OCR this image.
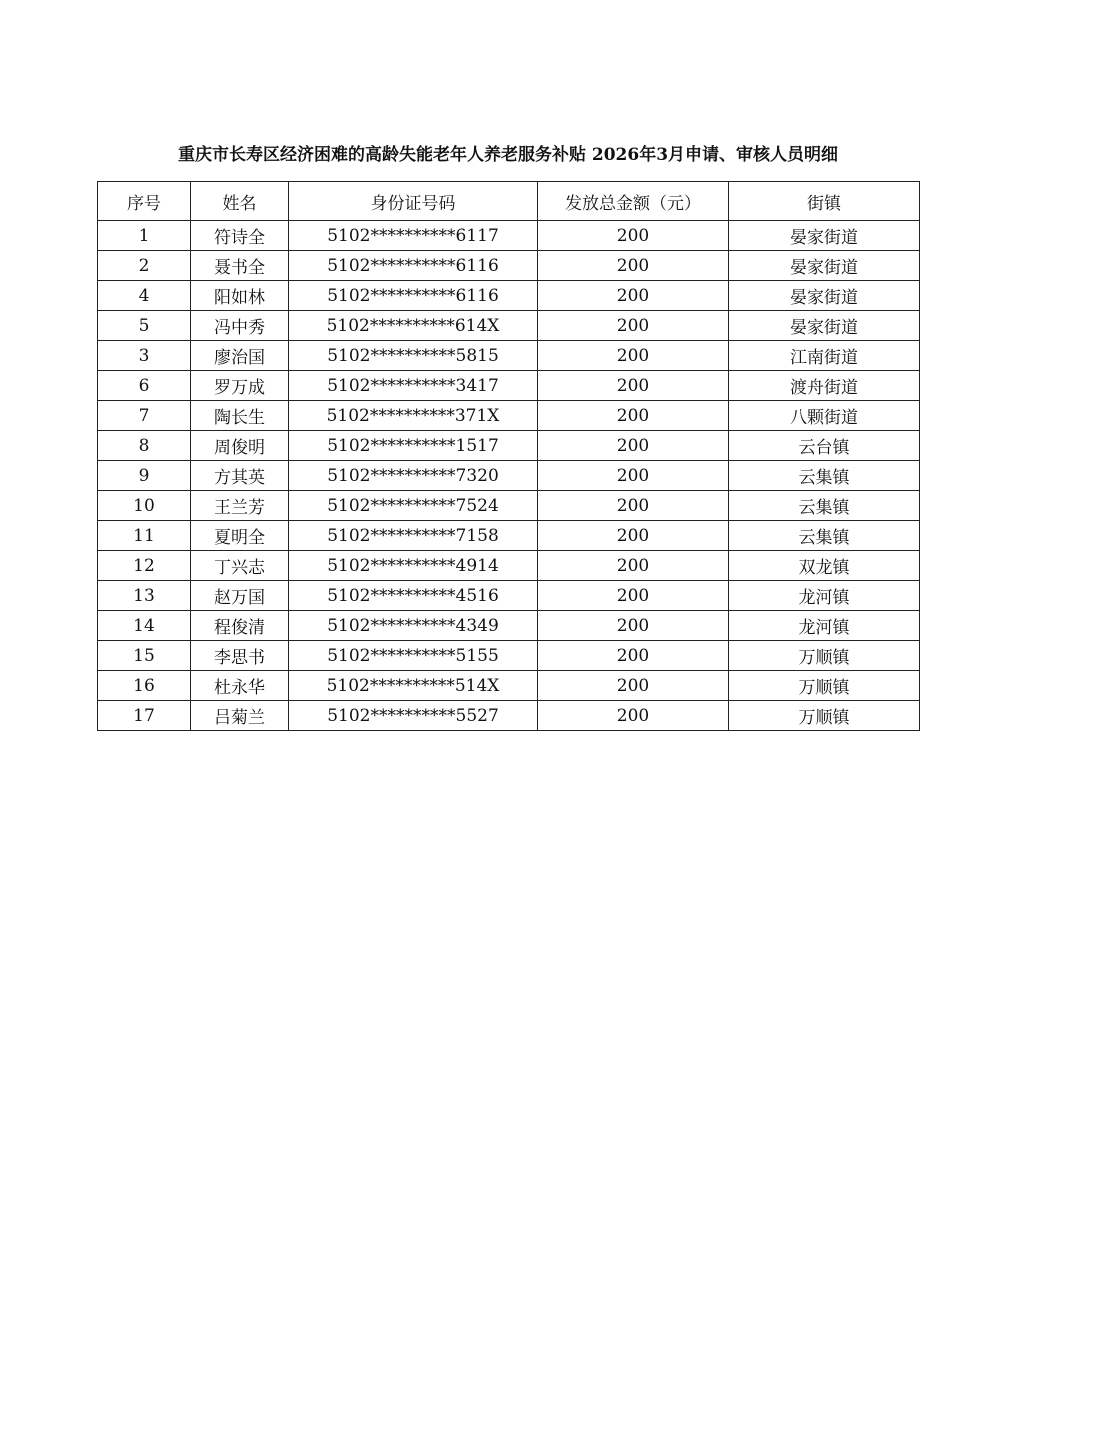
重庆市长寿区经济困难的高龄失能老年人养老服务补贴 2026年3月申请、审核人员明细
序号	姓名	身份证号码	发放总金额（元）	街镇
1	符诗全	5102**********6117	200	晏家街道
2	聂书全	5102**********6116	200	晏家街道
4	阳如林	5102**********6116	200	晏家街道
5	冯中秀	5102**********614X	200	晏家街道
3	廖治国	5102**********5815	200	江南街道
6	罗万成	5102**********3417	200	渡舟街道
7	陶长生	5102**********371X	200	八颗街道
8	周俊明	5102**********1517	200	云台镇
9	方其英	5102**********7320	200	云集镇
10	王兰芳	5102**********7524	200	云集镇
11	夏明全	5102**********7158	200	云集镇
12	丁兴志	5102**********4914	200	双龙镇
13	赵万国	5102**********4516	200	龙河镇
14	程俊清	5102**********4349	200	龙河镇
15	李思书	5102**********5155	200	万顺镇
16	杜永华	5102**********514X	200	万顺镇
17	吕菊兰	5102**********5527	200	万顺镇
